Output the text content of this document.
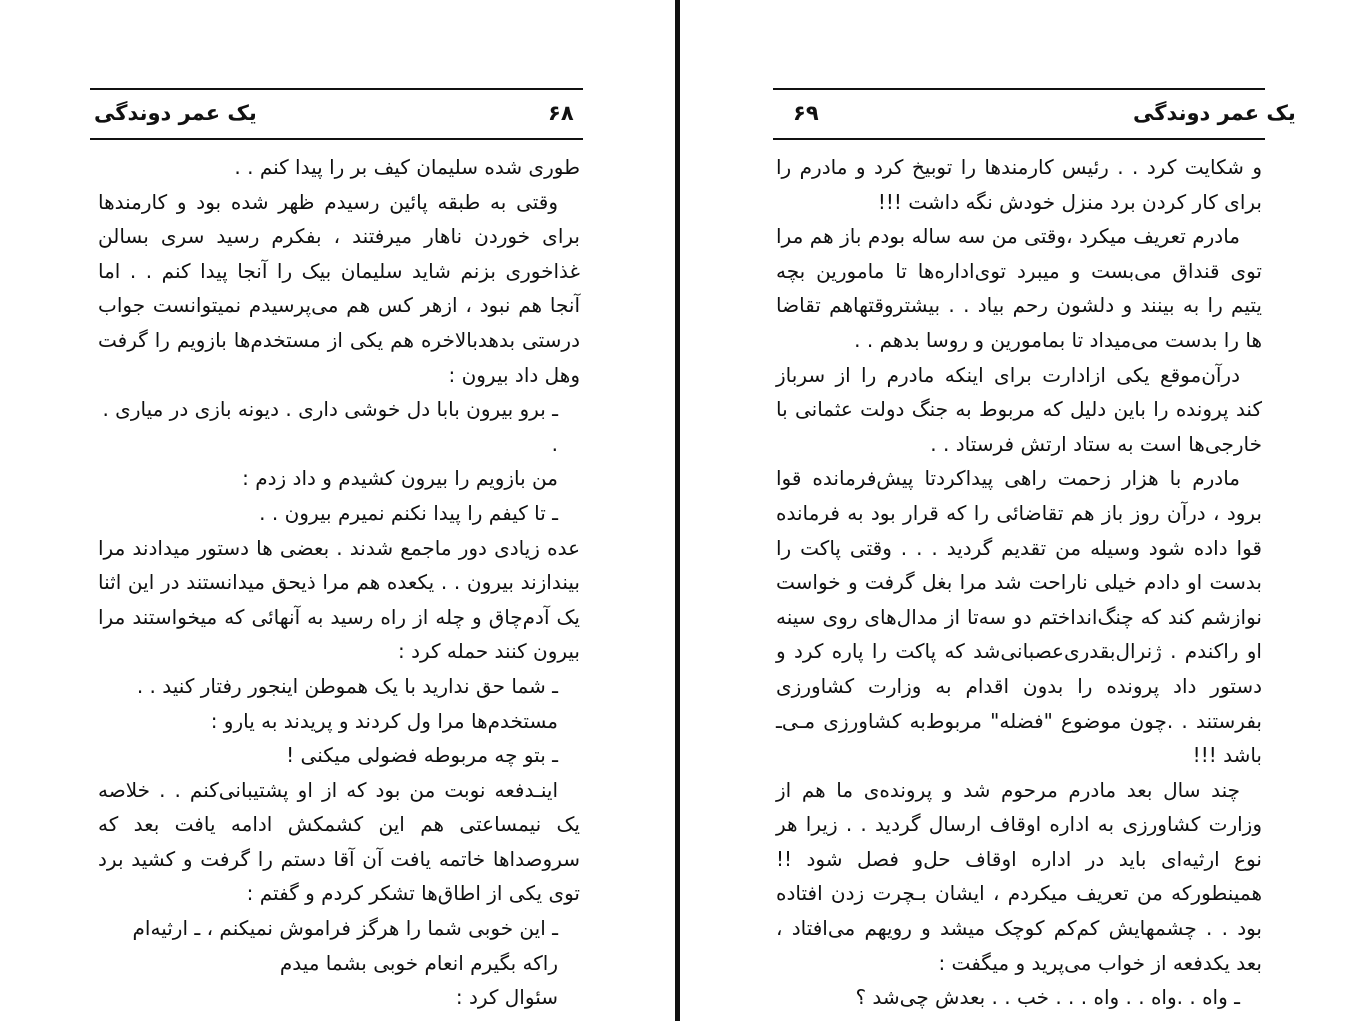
یک عمر دوندگی	۶۸

طوری شده سلیمان کیف بر را پیدا کنم . .

وقتی به طبقه پائین رسیدم ظهر شده بود و کارمندها برای خوردن ناهار میرفتند ، بفکرم رسید سری بسالن غذاخوری بزنم شاید سلیمان بیک را آنجا پیدا کنم . . اما آنجا هم نبود ، ازهر کس هم می‌پرسیدم نمیتوانست جواب درستی بدهدبالاخره هم یکی از مستخدم‌ها بازویم را گرفت وهل داد بیرون :

ـ برو بیرون بابا دل خوشی داری . دیونه بازی در میاری . .

من بازویم را بیرون کشیدم و داد زدم :

ـ تا کیفم را پیدا نکنم نمیرم بیرون . .

عده زیادی دور ماجمع شدند . بعضی ها دستور میدادند مرا بیندازند بیرون . . یکعده هم مرا ذیحق میدانستند در این اثنا یک آدم‌چاق و چله از راه رسید به آنهائی که میخواستند مرا بیرون کنند حمله کرد :

ـ شما حق ندارید با یک هموطن اینجور رفتار کنید . .

مستخدم‌ها مرا ول کردند و پریدند به یارو :

ـ بتو چه مربوطه فضولی میکنی !

اینـدفعه نوبت من بود که از او پشتیبانی‌کنم . . خلاصه یک نیمساعتی هم این کشمکش ادامه یافت بعد که سروصداها خاتمه یافت آن آقا دستم را گرفت و کشید برد توی یکی از اطاق‌ها تشکر کردم و گفتم :

ـ این خوبی شما را هرگز فراموش نمیکنم ، ـ ارثیه‌ام راکه بگیرم انعام خوبی بشما میدم

سئوال کرد :

۶۹	یک عمر دوندگی

و شکایت کرد . . رئیس کارمندها را توبیخ کرد و مادرم را برای کار کردن برد منزل خودش نگه داشت !!!

مادرم تعریف میکرد ،وقتی من سه ساله بودم باز هم مرا توی قنداق می‌بست و میبرد توی‌اداره‌ها تا مامورین بچه یتیم را به بینند و دلشون رحم بیاد . . بیشتروقتهاهم تقاضا ها را بدست می‌میداد تا بمامورین و روسا بدهم . .

درآن‌موقع یکی ازادارت برای اینکه مادرم را از سرباز کند پرونده را باین دلیل که مربوط به جنگ دولت عثمانی با خارجی‌ها است به ستاد ارتش فرستاد . .

مادرم با هزار زحمت راهی پیداکردتا پیش‌فرمانده قوا برود ، درآن روز باز هم تقاضائی را که قرار بود به فرمانده قوا داده شود وسیله من تقدیم گردید . . . وقتی پاکت را بدست او دادم خیلی ناراحت شد مرا بغل گرفت و خواست نوازشم کند که چنگ‌انداختم دو سه‌تا از مدال‌های روی سینه او راکندم . ژنرال‌بقدری‌عصبانی‌شد که پاکت را پاره کرد و دستور داد پرونده را بدون اقدام به وزارت کشاورزی بفرستند . .چون موضوع "فضله" مربوط‌به کشاورزی مـی‌ـ باشد !!!

چند سال بعد مادرم مرحوم شد و پرونده‌ی ما هم از وزارت کشاورزی به اداره اوقاف ارسال گردید . . زیرا هر نوع ارثیه‌ای باید در اداره اوقاف حل‌و فصل شود !! همینطورکه من تعریف میکردم ، ایشان بـچرت زدن افتاده بود . . چشمهایش کم‌کم کوچک میشد و رویهم می‌افتاد ، بعد یکدفعه از خواب می‌پرید و میگفت :

ـ واه . .واه . . واه . . . خب . . بعدش چی‌شد ؟
